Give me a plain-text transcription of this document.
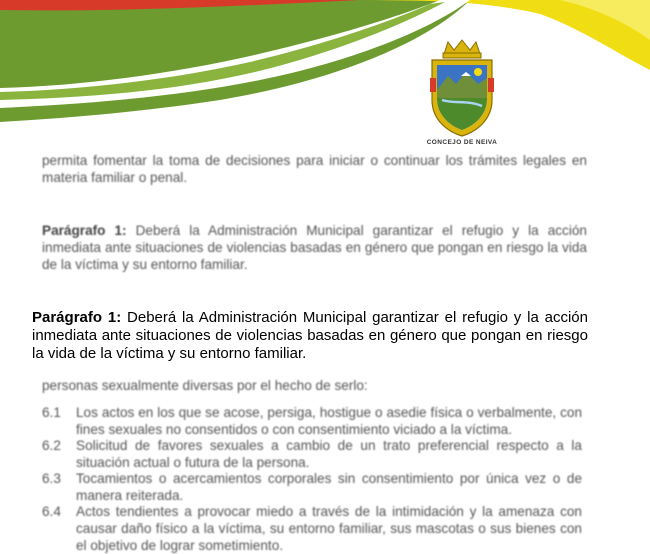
CONCEJO DE NEIVA

permita fomentar la toma de decisiones para iniciar o continuar los trámites legales en materia familiar o penal.

Parágrafo 1: Deberá la Administración Municipal garantizar el refugio y la acción inmediata ante situaciones de violencias basadas en género que pongan en riesgo la vida de la víctima y su entorno familiar.

Parágrafo 1: Deberá la Administración Municipal garantizar el refugio y la acción inmediata ante situaciones de violencias basadas en género que pongan en riesgo la vida de la víctima y su entorno familiar.

personas sexualmente diversas por el hecho de serlo:

6.1	Los actos en los que se acose, persiga, hostigue o asedie física o verbalmente, con fines sexuales no consentidos o con consentimiento viciado a la víctima.
6.2	Solicitud de favores sexuales a cambio de un trato preferencial respecto a la situación actual o futura de la persona.
6.3	Tocamientos o acercamientos corporales sin consentimiento por única vez o de manera reiterada.
6.4	Actos tendientes a provocar miedo a través de la intimidación y la amenaza con causar daño físico a la víctima, su entorno familiar, sus mascotas o sus bienes con el objetivo de lograr sometimiento.
